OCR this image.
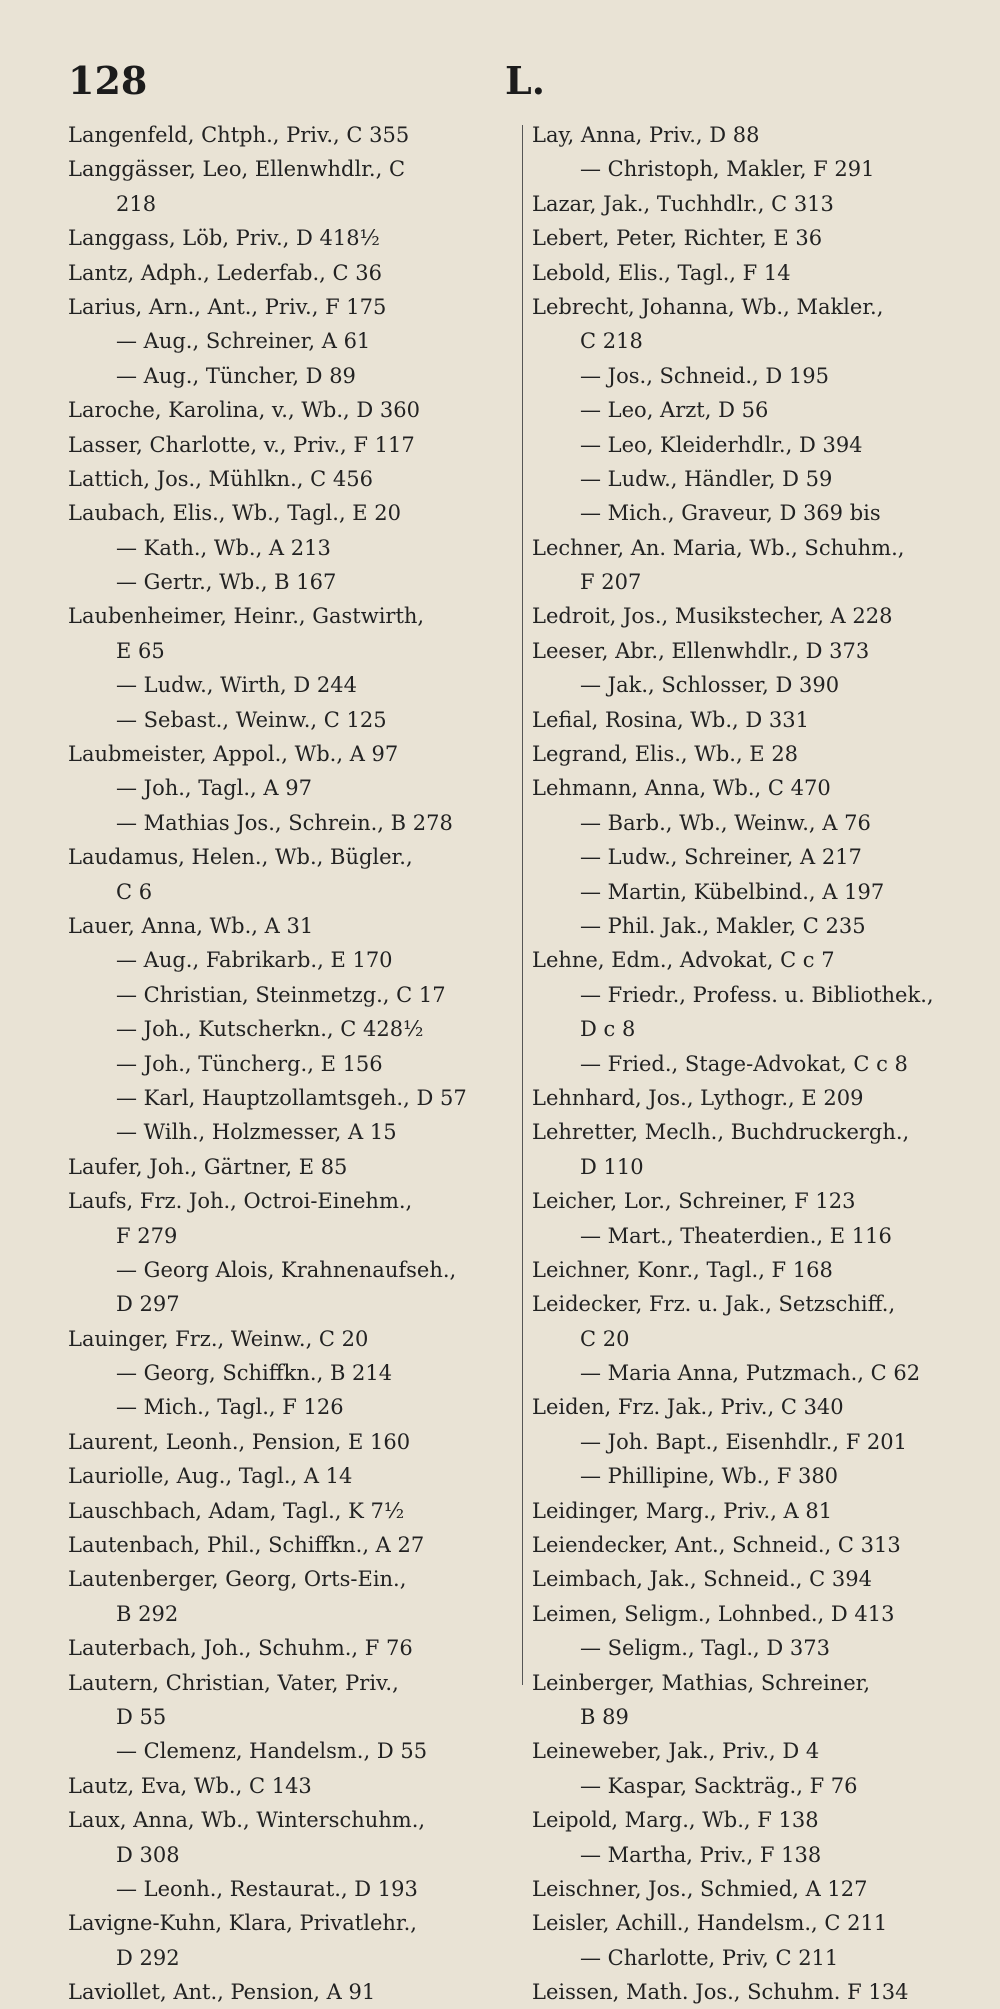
128	L.
Langenfeld, Chtph., Priv., C 355
Langgässer, Leo, Ellenwhdlr., C
218
Langgass, Löb, Priv., D 418½
Lantz, Adph., Lederfab., C 36
Larius, Arn., Ant., Priv., F 175
— Aug., Schreiner, A 61
— Aug., Tüncher, D 89
Laroche, Karolina, v., Wb., D 360
Lasser, Charlotte, v., Priv., F 117
Lattich, Jos., Mühlkn., C 456
Laubach, Elis., Wb., Tagl., E 20
— Kath., Wb., A 213
— Gertr., Wb., B 167
Laubenheimer, Heinr., Gastwirth,
E 65
— Ludw., Wirth, D 244
— Sebast., Weinw., C 125
Laubmeister, Appol., Wb., A 97
— Joh., Tagl., A 97
— Mathias Jos., Schrein., B 278
Laudamus, Helen., Wb., Bügler.,
C 6
Lauer, Anna, Wb., A 31
— Aug., Fabrikarb., E 170
— Christian, Steinmetzg., C 17
— Joh., Kutscherkn., C 428½
— Joh., Tüncherg., E 156
— Karl, Hauptzollamtsgeh., D 57
— Wilh., Holzmesser, A 15
Laufer, Joh., Gärtner, E 85
Laufs, Frz. Joh., Octroi-Einehm.,
F 279
— Georg Alois, Krahnenaufseh.,
D 297
Lauinger, Frz., Weinw., C 20
— Georg, Schiffkn., B 214
— Mich., Tagl., F 126
Laurent, Leonh., Pension, E 160
Lauriolle, Aug., Tagl., A 14
Lauschbach, Adam, Tagl., K 7½
Lautenbach, Phil., Schiffkn., A 27
Lautenberger, Georg, Orts-Ein.,
B 292
Lauterbach, Joh., Schuhm., F 76
Lautern, Christian, Vater, Priv.,
D 55
— Clemenz, Handelsm., D 55
Lautz, Eva, Wb., C 143
Laux, Anna, Wb., Winterschuhm.,
D 308
— Leonh., Restaurat., D 193
Lavigne-Kuhn, Klara, Privatlehr.,
D 292
Laviollet, Ant., Pension, A 91
Lay, Anna, Priv., D 88
— Christoph, Makler, F 291
Lazar, Jak., Tuchhdlr., C 313
Lebert, Peter, Richter, E 36
Lebold, Elis., Tagl., F 14
Lebrecht, Johanna, Wb., Makler.,
C 218
— Jos., Schneid., D 195
— Leo, Arzt, D 56
— Leo, Kleiderhdlr., D 394
— Ludw., Händler, D 59
— Mich., Graveur, D 369 bis
Lechner, An. Maria, Wb., Schuhm.,
F 207
Ledroit, Jos., Musikstecher, A 228
Leeser, Abr., Ellenwhdlr., D 373
— Jak., Schlosser, D 390
Lefial, Rosina, Wb., D 331
Legrand, Elis., Wb., E 28
Lehmann, Anna, Wb., C 470
— Barb., Wb., Weinw., A 76
— Ludw., Schreiner, A 217
— Martin, Kübelbind., A 197
— Phil. Jak., Makler, C 235
Lehne, Edm., Advokat, C c 7
— Friedr., Profess. u. Bibliothek.,
D c 8
— Fried., Stage-Advokat, C c 8
Lehnhard, Jos., Lythogr., E 209
Lehretter, Meclh., Buchdruckergh.,
D 110
Leicher, Lor., Schreiner, F 123
— Mart., Theaterdien., E 116
Leichner, Konr., Tagl., F 168
Leidecker, Frz. u. Jak., Setzschiff.,
C 20
— Maria Anna, Putzmach., C 62
Leiden, Frz. Jak., Priv., C 340
— Joh. Bapt., Eisenhdlr., F 201
— Phillipine, Wb., F 380
Leidinger, Marg., Priv., A 81
Leiendecker, Ant., Schneid., C 313
Leimbach, Jak., Schneid., C 394
Leimen, Seligm., Lohnbed., D 413
— Seligm., Tagl., D 373
Leinberger, Mathias, Schreiner,
B 89
Leineweber, Jak., Priv., D 4
— Kaspar, Sackträg., F 76
Leipold, Marg., Wb., F 138
— Martha, Priv., F 138
Leischner, Jos., Schmied, A 127
Leisler, Achill., Handelsm., C 211
— Charlotte, Priv, C 211
Leissen, Math. Jos., Schuhm. F 134
